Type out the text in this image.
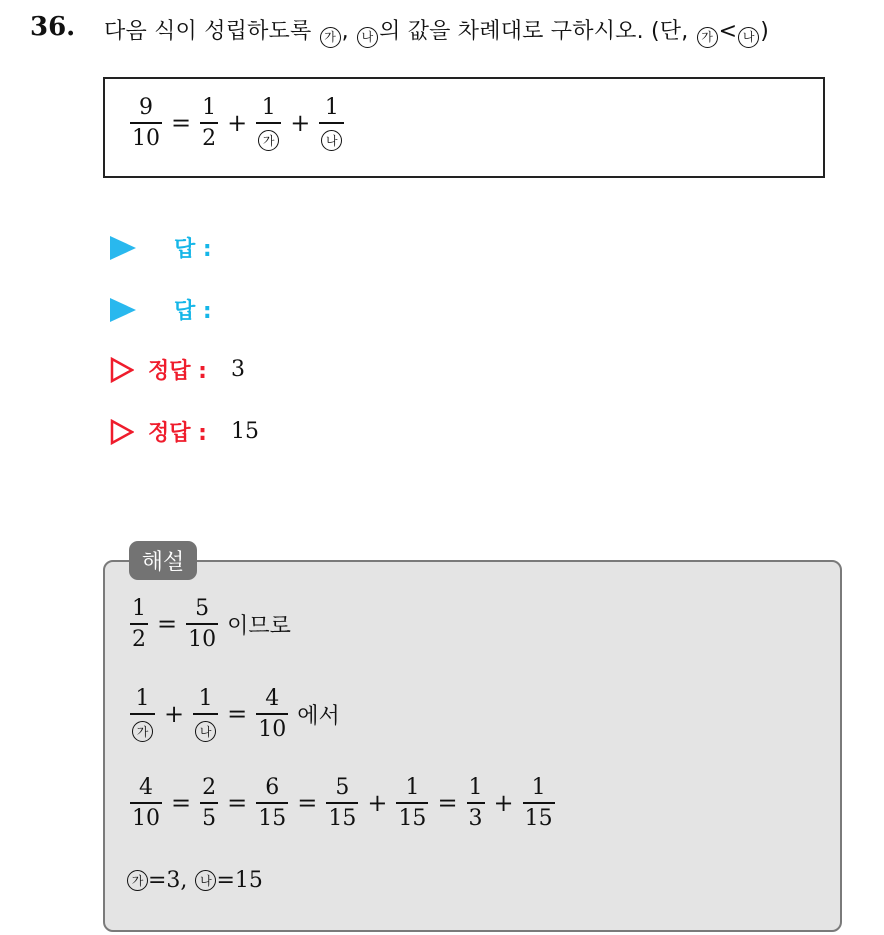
36. 다음 식이 성립하도록 가 , 나 의 값을 차례대로 구하시오. (단, 가 < 나 )
$\frac{9}{10} = \frac{1}{2} + \frac{1}{\text{가}} + \frac{1}{\text{나}}$
답 :
답 :
정답 : 3
정답 : 15
해설
$\frac{1}{2} = \frac{5}{10}$ 이므로
$\frac{1}{\text{가}} + \frac{1}{\text{나}} = \frac{4}{10}$ 에서
$\frac{4}{10} = \frac{2}{5} = \frac{6}{15} = \frac{5}{15} + \frac{1}{15} = \frac{1}{3} + \frac{1}{15}$
가 =3,	나 =15
